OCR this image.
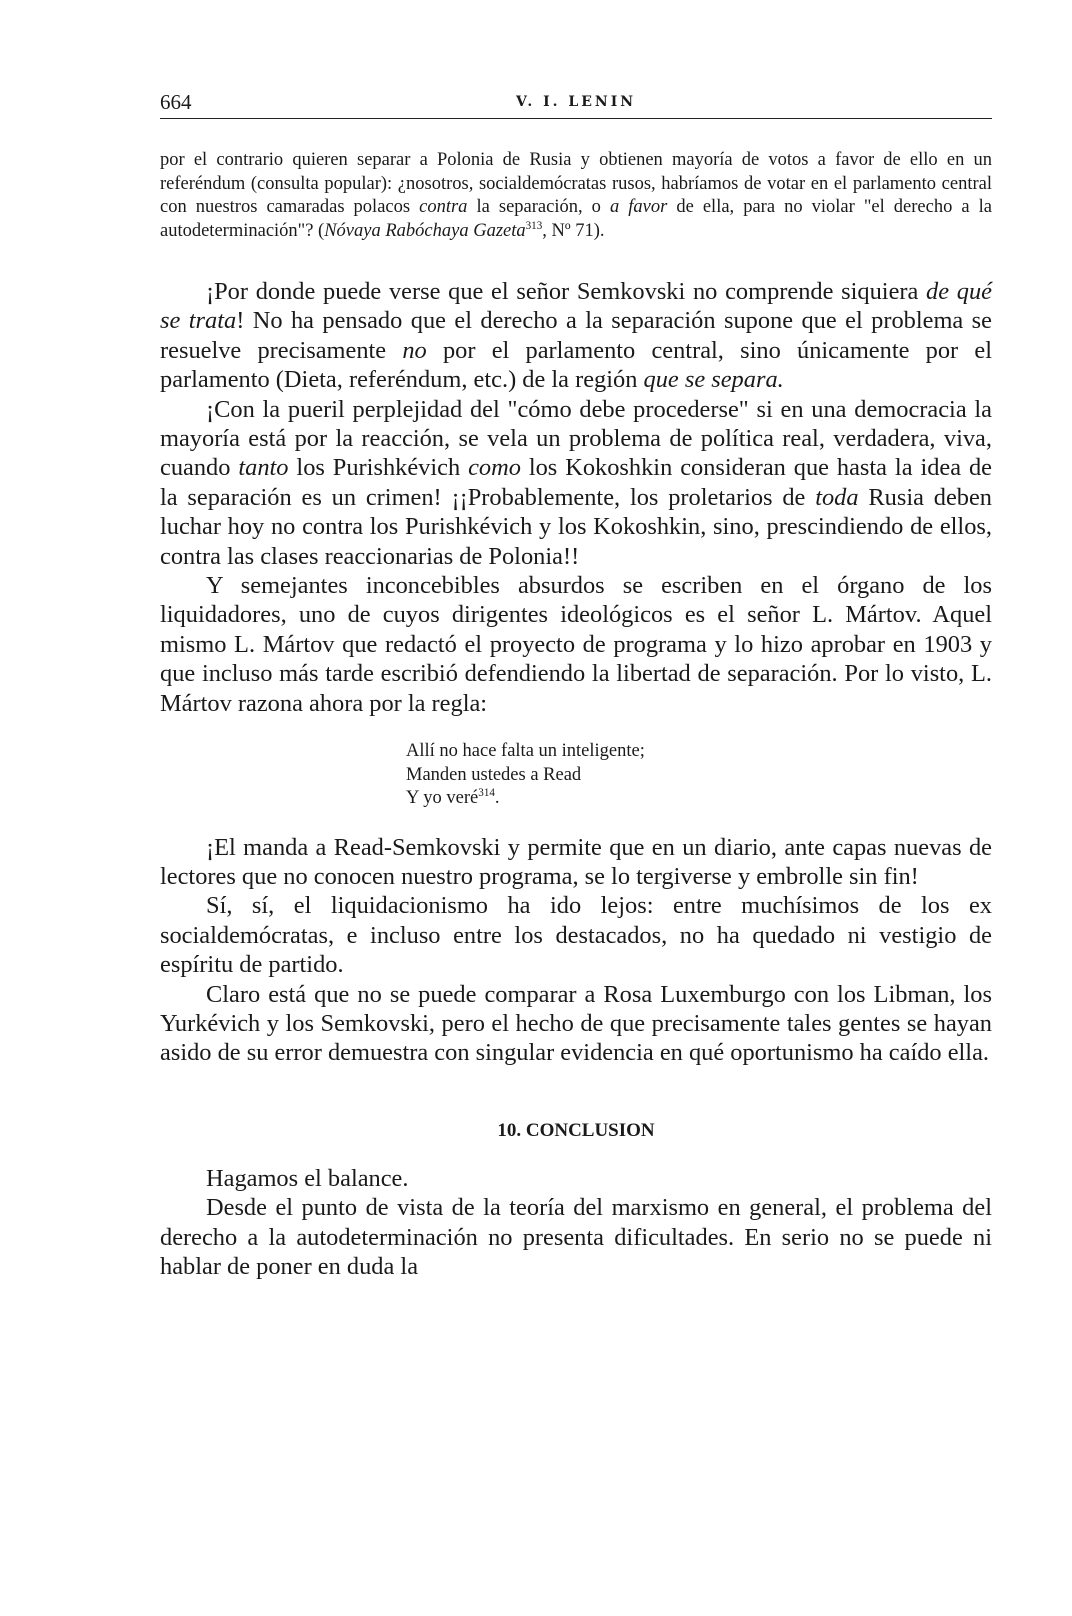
664	V. I. LENIN
por el contrario quieren separar a Polonia de Rusia y obtienen mayoría de votos a favor de ello en un referéndum (consulta popular): ¿nosotros, socialdemócratas rusos, habríamos de votar en el parlamento central con nuestros camaradas polacos contra la separación, o a favor de ella, para no violar "el derecho a la autodeterminación"? (Nóvaya Rabóchaya Gazeta$^{313}$, Nº 71).

¡Por donde puede verse que el señor Semkovski no comprende siquiera de qué se trata! No ha pensado que el derecho a la separación supone que el problema se resuelve precisamente no por el parlamento central, sino únicamente por el parlamento (Dieta, referéndum, etc.) de la región que se separa.

¡Con la pueril perplejidad del "cómo debe procederse" si en una democracia la mayoría está por la reacción, se vela un problema de política real, verdadera, viva, cuando tanto los Purishkévich como los Kokoshkin consideran que hasta la idea de la separación es un crimen! ¡¡Probablemente, los proletarios de toda Rusia deben luchar hoy no contra los Purishkévich y los Kokoshkin, sino, prescindiendo de ellos, contra las clases reaccionarias de Polonia!!

Y semejantes inconcebibles absurdos se escriben en el órgano de los liquidadores, uno de cuyos dirigentes ideológicos es el señor L. Mártov. Aquel mismo L. Mártov que redactó el proyecto de programa y lo hizo aprobar en 1903 y que incluso más tarde escribió defendiendo la libertad de separación. Por lo visto, L. Mártov razona ahora por la regla:

Allí no hace falta un inteligente;
Manden ustedes a Read
Y yo veré$^{314}$.

¡El manda a Read-Semkovski y permite que en un diario, ante capas nuevas de lectores que no conocen nuestro programa, se lo tergiverse y embrolle sin fin!

Sí, sí, el liquidacionismo ha ido lejos: entre muchísimos de los ex socialdemócratas, e incluso entre los destacados, no ha quedado ni vestigio de espíritu de partido.

Claro está que no se puede comparar a Rosa Luxemburgo con los Libman, los Yurkévich y los Semkovski, pero el hecho de que precisamente tales gentes se hayan asido de su error demuestra con singular evidencia en qué oportunismo ha caído ella.

10. CONCLUSION

Hagamos el balance.

Desde el punto de vista de la teoría del marxismo en general, el problema del derecho a la autodeterminación no presenta dificultades. En serio no se puede ni hablar de poner en duda la
